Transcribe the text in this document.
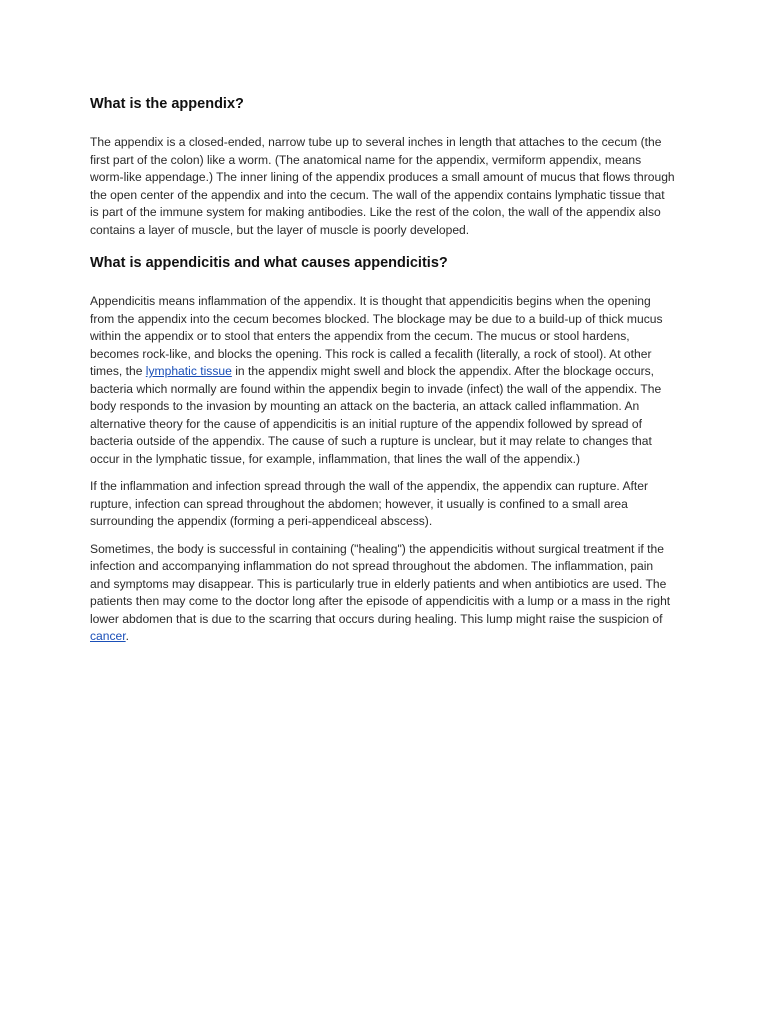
What is the appendix?

The appendix is a closed-ended, narrow tube up to several inches in length that attaches to the cecum (the first part of the colon) like a worm. (The anatomical name for the appendix, vermiform appendix, means worm-like appendage.) The inner lining of the appendix produces a small amount of mucus that flows through the open center of the appendix and into the cecum. The wall of the appendix contains lymphatic tissue that is part of the immune system for making antibodies. Like the rest of the colon, the wall of the appendix also contains a layer of muscle, but the layer of muscle is poorly developed.

What is appendicitis and what causes appendicitis?

Appendicitis means inflammation of the appendix. It is thought that appendicitis begins when the opening from the appendix into the cecum becomes blocked. The blockage may be due to a build-up of thick mucus within the appendix or to stool that enters the appendix from the cecum. The mucus or stool hardens, becomes rock-like, and blocks the opening. This rock is called a fecalith (literally, a rock of stool). At other times, the lymphatic tissue in the appendix might swell and block the appendix. After the blockage occurs, bacteria which normally are found within the appendix begin to invade (infect) the wall of the appendix. The body responds to the invasion by mounting an attack on the bacteria, an attack called inflammation. An alternative theory for the cause of appendicitis is an initial rupture of the appendix followed by spread of bacteria outside of the appendix. The cause of such a rupture is unclear, but it may relate to changes that occur in the lymphatic tissue, for example, inflammation, that lines the wall of the appendix.)

If the inflammation and infection spread through the wall of the appendix, the appendix can rupture. After rupture, infection can spread throughout the abdomen; however, it usually is confined to a small area surrounding the appendix (forming a peri-appendiceal abscess).

Sometimes, the body is successful in containing ("healing") the appendicitis without surgical treatment if the infection and accompanying inflammation do not spread throughout the abdomen. The inflammation, pain and symptoms may disappear. This is particularly true in elderly patients and when antibiotics are used. The patients then may come to the doctor long after the episode of appendicitis with a lump or a mass in the right lower abdomen that is due to the scarring that occurs during healing. This lump might raise the suspicion of cancer.
